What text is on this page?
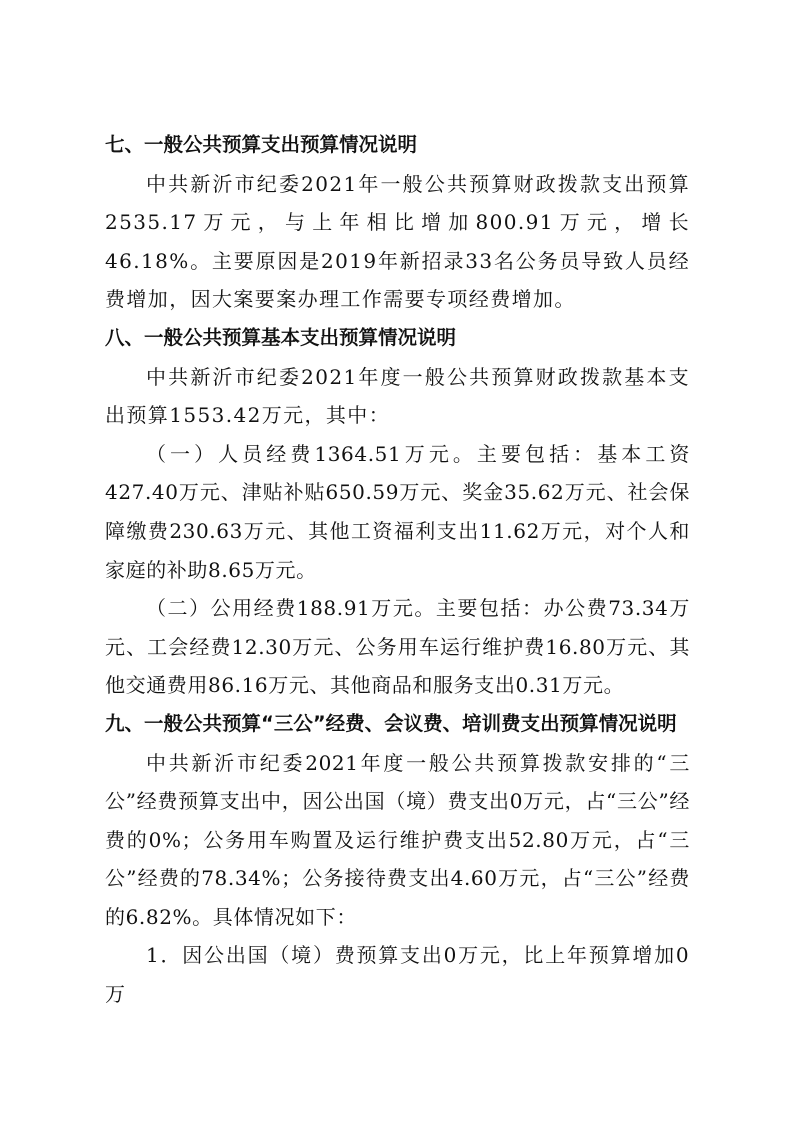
七、一般公共预算支出预算情况说明

中共新沂市纪委2021年一般公共预算财政拨款支出预算2535.17万元，与上年相比增加800.91万元，增长46.18%。主要原因是2019年新招录33名公务员导致人员经费增加，因大案要案办理工作需要专项经费增加。

八、一般公共预算基本支出预算情况说明

中共新沂市纪委2021年度一般公共预算财政拨款基本支出预算1553.42万元，其中：

（一）人员经费1364.51万元。主要包括：基本工资427.40万元、津贴补贴650.59万元、奖金35.62万元、社会保障缴费230.63万元、其他工资福利支出11.62万元，对个人和家庭的补助8.65万元。

（二）公用经费188.91万元。主要包括：办公费73.34万元、工会经费12.30万元、公务用车运行维护费16.80万元、其他交通费用86.16万元、其他商品和服务支出0.31万元。

九、一般公共预算“三公”经费、会议费、培训费支出预算情况说明

中共新沂市纪委2021年度一般公共预算拨款安排的“三公”经费预算支出中，因公出国（境）费支出0万元，占“三公”经费的0%；公务用车购置及运行维护费支出52.80万元，占“三公”经费的78.34%；公务接待费支出4.60万元，占“三公”经费的6.82%。具体情况如下：

1．因公出国（境）费预算支出0万元，比上年预算增加0万
